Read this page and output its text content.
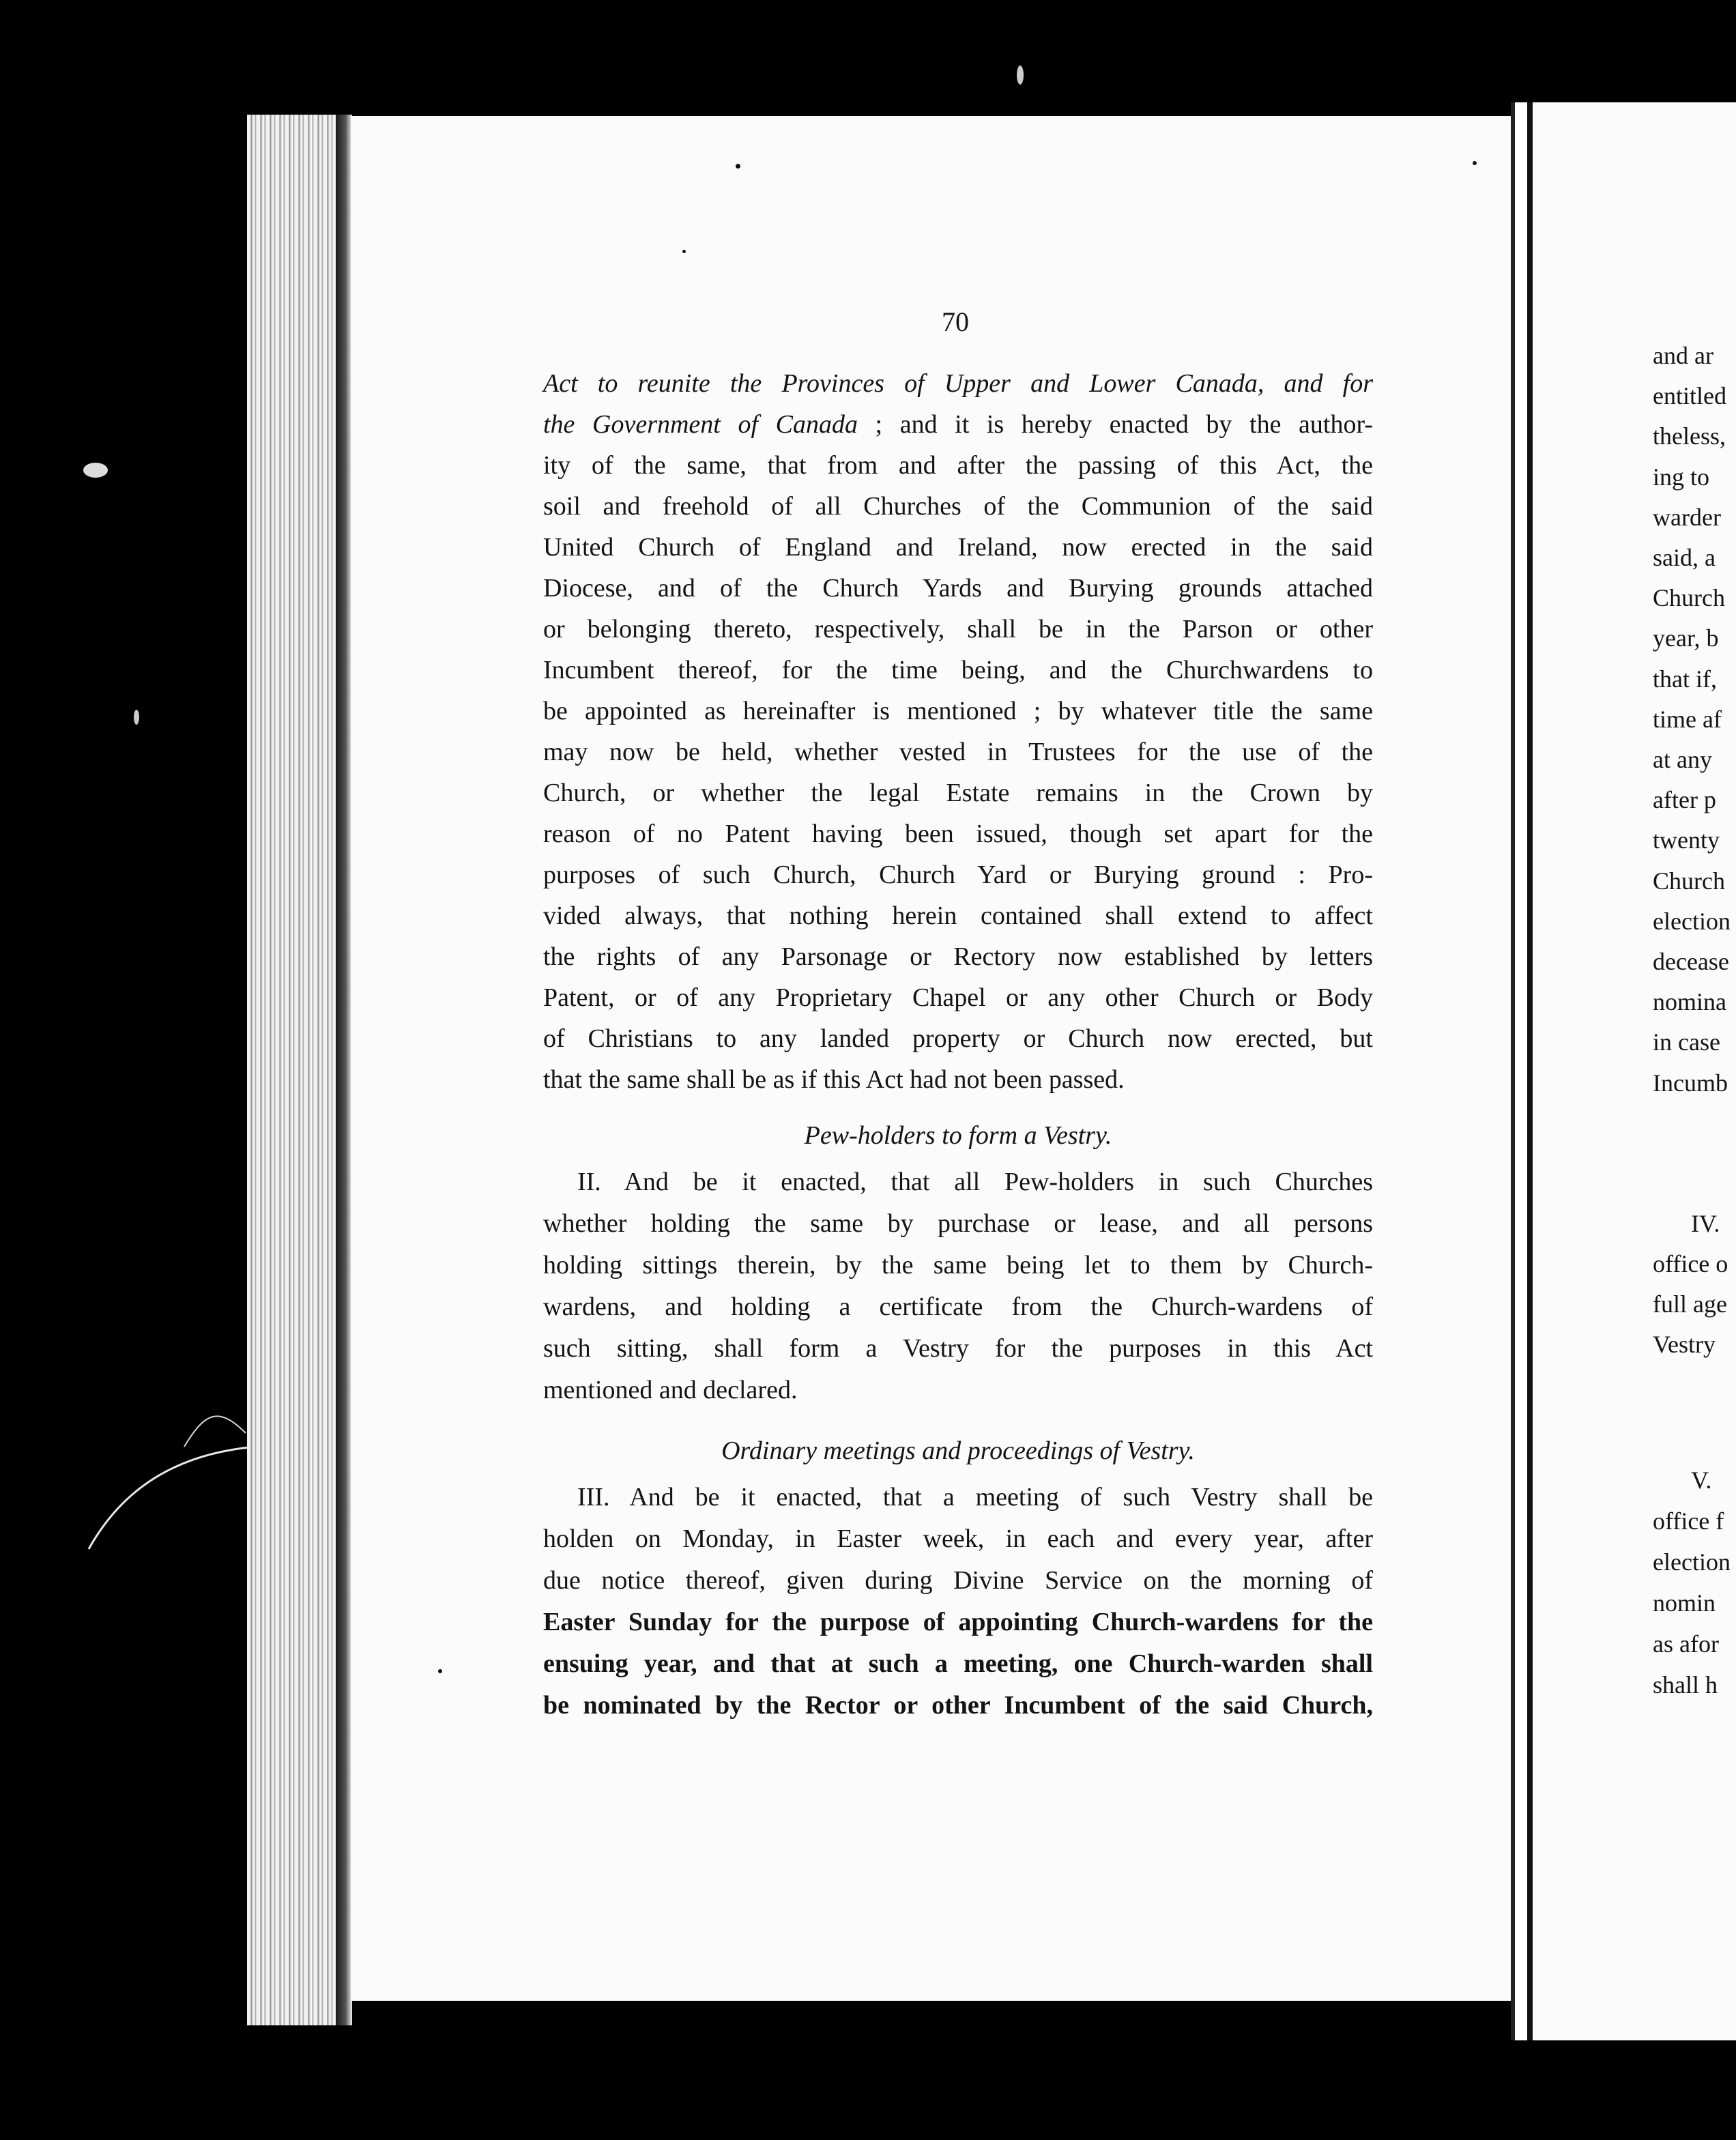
70
Act to reunite the Provinces of Upper and Lower Canada, and for
the Government of Canada ; and it is hereby enacted by the author-
ity of the same, that from and after the passing of this Act, the
soil and freehold of all Churches of the Communion of the said
United Church of England and Ireland, now erected in the said
Diocese, and of the Church Yards and Burying grounds attached
or belonging thereto, respectively, shall be in the Parson or other
Incumbent thereof, for the time being, and the Churchwardens to
be appointed as hereinafter is mentioned ; by whatever title the same
may now be held, whether vested in Trustees for the use of the
Church, or whether the legal Estate remains in the Crown by
reason of no Patent having been issued, though set apart for the
purposes of such Church, Church Yard or Burying ground : Pro-
vided always, that nothing herein contained shall extend to affect
the rights of any Parsonage or Rectory now established by letters
Patent, or of any Proprietary Chapel or any other Church or Body
of Christians to any landed property or Church now erected, but
that the same shall be as if this Act had not been passed.
Pew-holders to form a Vestry.
II. And be it enacted, that all Pew-holders in such Churches
whether holding the same by purchase or lease, and all persons
holding sittings therein, by the same being let to them by Church-
wardens, and holding a certificate from the Church-wardens of
such sitting, shall form a Vestry for the purposes in this Act
mentioned and declared.
Ordinary meetings and proceedings of Vestry.
III. And be it enacted, that a meeting of such Vestry shall be
holden on Monday, in Easter week, in each and every year, after
due notice thereof, given during Divine Service on the morning of
Easter Sunday for the purpose of appointing Church-wardens for the
ensuing year, and that at such a meeting, one Church-warden shall
be nominated by the Rector or other Incumbent of the said Church,
and ar
entitled
theless,
ing to
warder
said, a
Church
year, b
that if,
time af
at any
after p
twenty
Church
election
decease
nomina
in case
Incumb
IV.
office o
full age
Vestry
V.
office f
election
nomin
as afor
shall h
